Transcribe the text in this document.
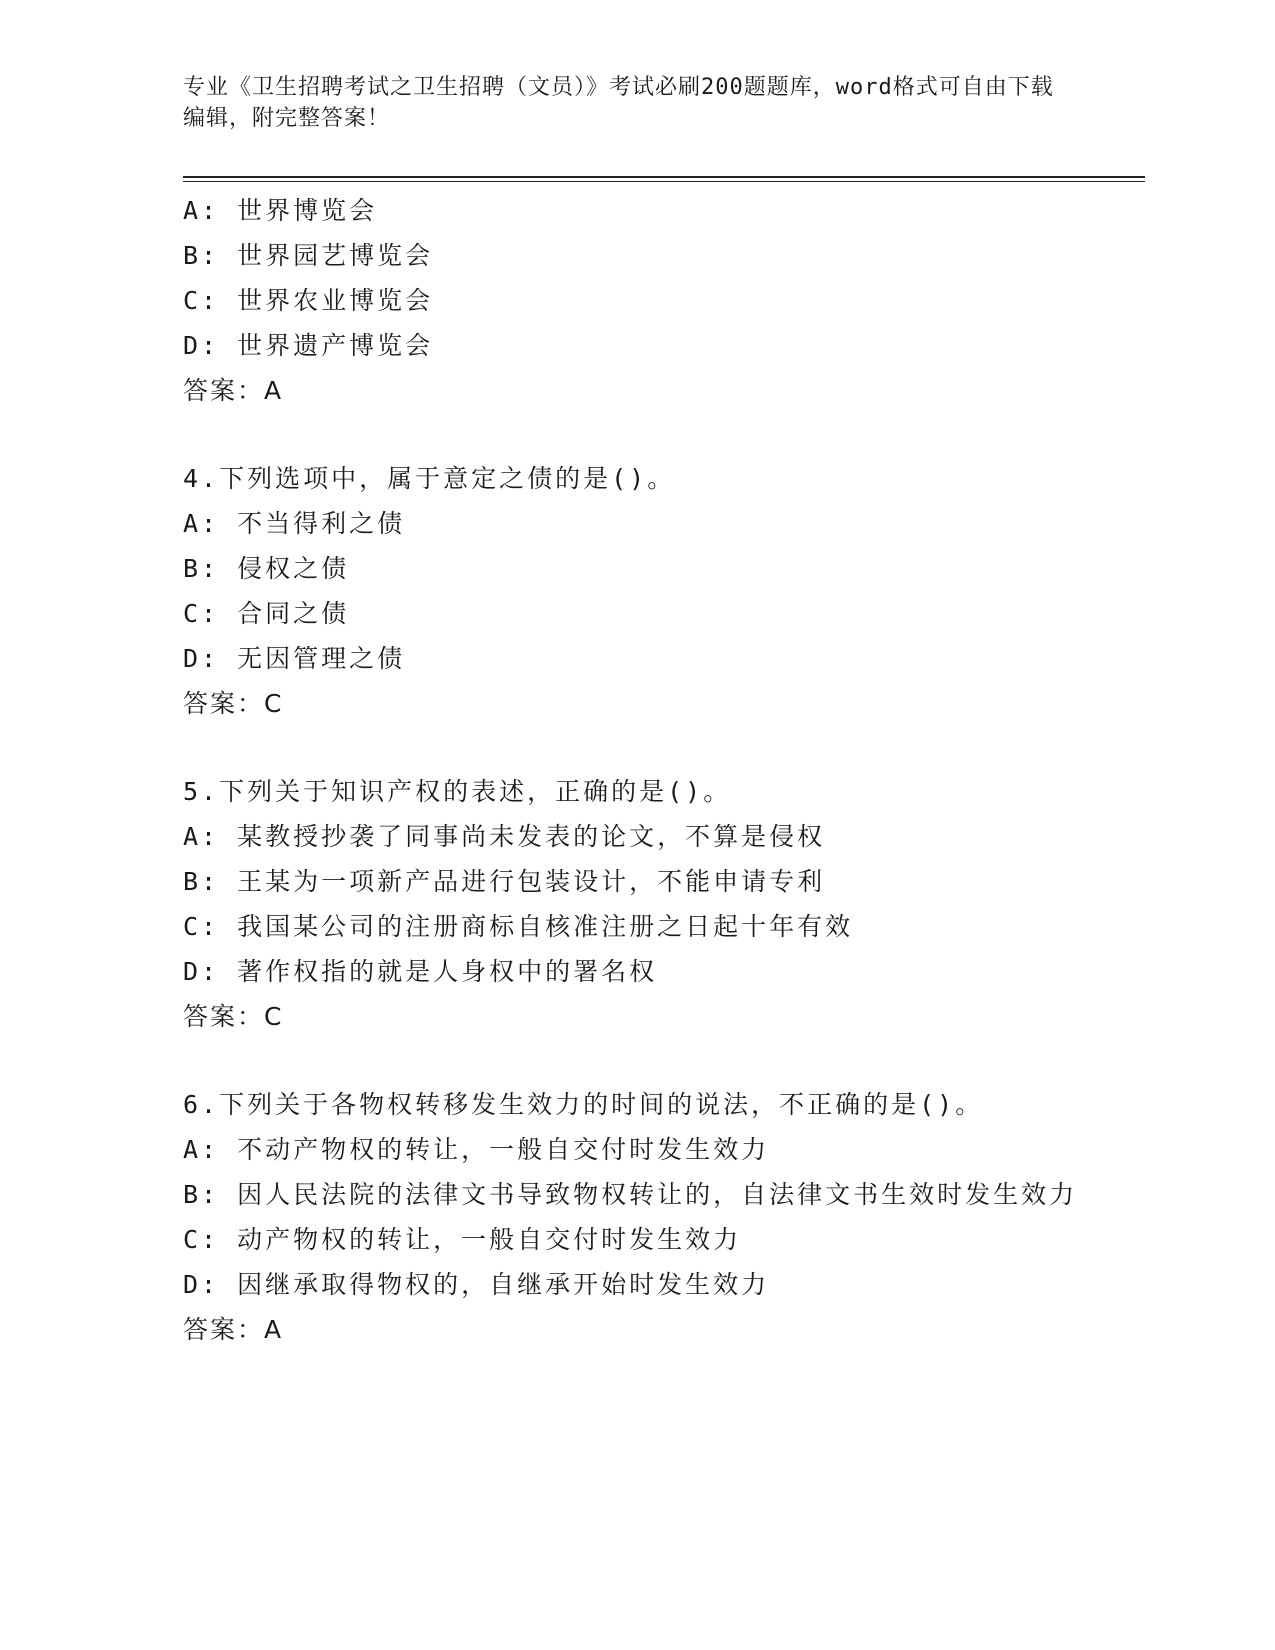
专业《卫生招聘考试之卫生招聘（文员）》考试必刷200题题库，word格式可自由下载编辑，附完整答案！
A: 世界博览会
B: 世界园艺博览会
C: 世界农业博览会
D: 世界遗产博览会
答案：A
4.下列选项中，属于意定之债的是()。
A: 不当得利之债
B: 侵权之债
C: 合同之债
D: 无因管理之债
答案：C
5.下列关于知识产权的表述，正确的是()。
A: 某教授抄袭了同事尚未发表的论文，不算是侵权
B: 王某为一项新产品进行包装设计，不能申请专利
C: 我国某公司的注册商标自核准注册之日起十年有效
D: 著作权指的就是人身权中的署名权
答案：C
6.下列关于各物权转移发生效力的时间的说法，不正确的是()。
A: 不动产物权的转让，一般自交付时发生效力
B: 因人民法院的法律文书导致物权转让的，自法律文书生效时发生效力
C: 动产物权的转让，一般自交付时发生效力
D: 因继承取得物权的，自继承开始时发生效力
答案：A
